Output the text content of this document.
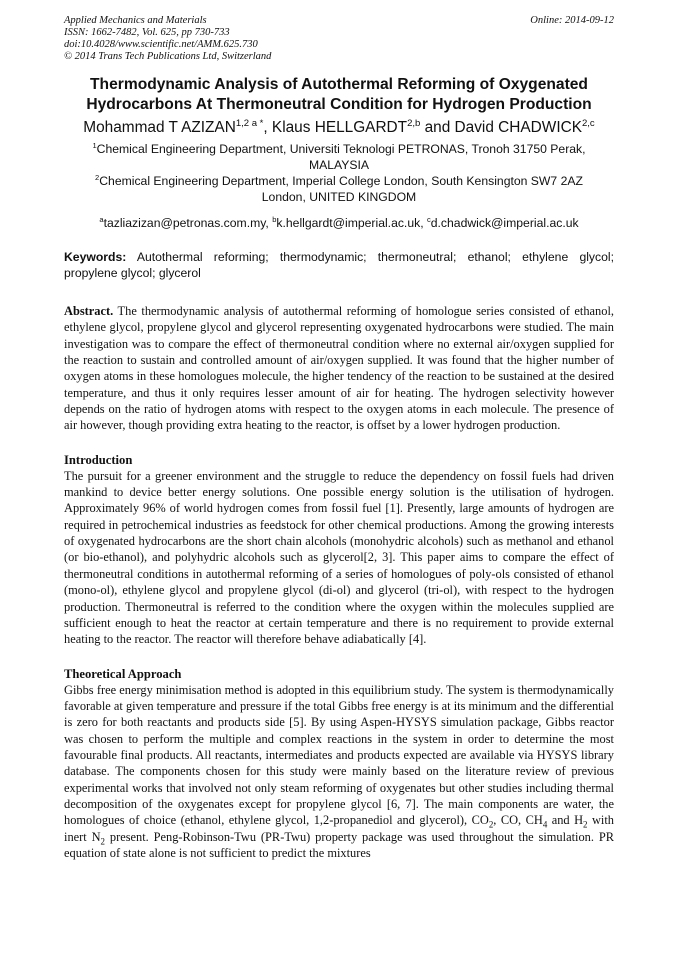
Applied Mechanics and Materials
ISSN: 1662-7482, Vol. 625, pp 730-733
doi:10.4028/www.scientific.net/AMM.625.730
© 2014 Trans Tech Publications Ltd, Switzerland
Online: 2014-09-12
Thermodynamic Analysis of Autothermal Reforming of Oxygenated
Hydrocarbons At Thermoneutral Condition for Hydrogen Production
Mohammad T $AZIZAN^{1,2 a *}$, Klaus HELLGARDT$^{2,b}$ and David CHADWICK$^{2,c}$
$^1$Chemical Engineering Department, Universiti Teknologi PETRONAS, Tronoh 31750 Perak,
MALAYSIA
$^2$Chemical Engineering Department, Imperial College London, South Kensington SW7 2AZ
London, UNITED KINGDOM
$^a$tazliazizan@petronas.com.my, $^b$k.hellgardt@imperial.ac.uk, $^c$d.chadwick@imperial.ac.uk
Keywords: Autothermal reforming; thermodynamic; thermoneutral; ethanol; ethylene glycol; propylene glycol; glycerol
Abstract. The thermodynamic analysis of autothermal reforming of homologue series consisted of ethanol, ethylene glycol, propylene glycol and glycerol representing oxygenated hydrocarbons were studied. The main investigation was to compare the effect of thermoneutral condition where no external air/oxygen supplied for the reaction to sustain and controlled amount of air/oxygen supplied. It was found that the higher number of oxygen atoms in these homologues molecule, the higher tendency of the reaction to be sustained at the desired temperature, and thus it only requires lesser amount of air for heating. The hydrogen selectivity however depends on the ratio of hydrogen atoms with respect to the oxygen atoms in each molecule. The presence of air however, though providing extra heating to the reactor, is offset by a lower hydrogen production.
Introduction
The pursuit for a greener environment and the struggle to reduce the dependency on fossil fuels had driven mankind to device better energy solutions. One possible energy solution is the utilisation of hydrogen. Approximately 96% of world hydrogen comes from fossil fuel [1]. Presently, large amounts of hydrogen are required in petrochemical industries as feedstock for other chemical productions. Among the growing interests of oxygenated hydrocarbons are the short chain alcohols (monohydric alcohols) such as methanol and ethanol (or bio-ethanol), and polyhydric alcohols such as glycerol[2, 3]. This paper aims to compare the effect of thermoneutral conditions in autothermal reforming of a series of homologues of poly-ols consisted of ethanol (mono-ol), ethylene glycol and propylene glycol (di-ol) and glycerol (tri-ol), with respect to the hydrogen production. Thermoneutral is referred to the condition where the oxygen within the molecules supplied are sufficient enough to heat the reactor at certain temperature and there is no requirement to provide external heating to the reactor. The reactor will therefore behave adiabatically [4].
Theoretical Approach
Gibbs free energy minimisation method is adopted in this equilibrium study. The system is thermodynamically favorable at given temperature and pressure if the total Gibbs free energy is at its minimum and the differential is zero for both reactants and products side [5]. By using Aspen-HYSYS simulation package, Gibbs reactor was chosen to perform the multiple and complex reactions in the system in order to determine the most favourable final products. All reactants, intermediates and products expected are available via HYSYS library database. The components chosen for this study were mainly based on the literature review of previous experimental works that involved not only steam reforming of oxygenates but other studies including thermal decomposition of the oxygenates except for propylene glycol [6, 7]. The main components are water, the homologues of choice (ethanol, ethylene glycol, 1,2-propanediol and glycerol), $CO_2$, CO, $CH_4$ and $H_2$ with inert $N_2$ present. Peng-Robinson-Twu (PR-Twu) property package was used throughout the simulation. PR equation of state alone is not sufficient to predict the mixtures
